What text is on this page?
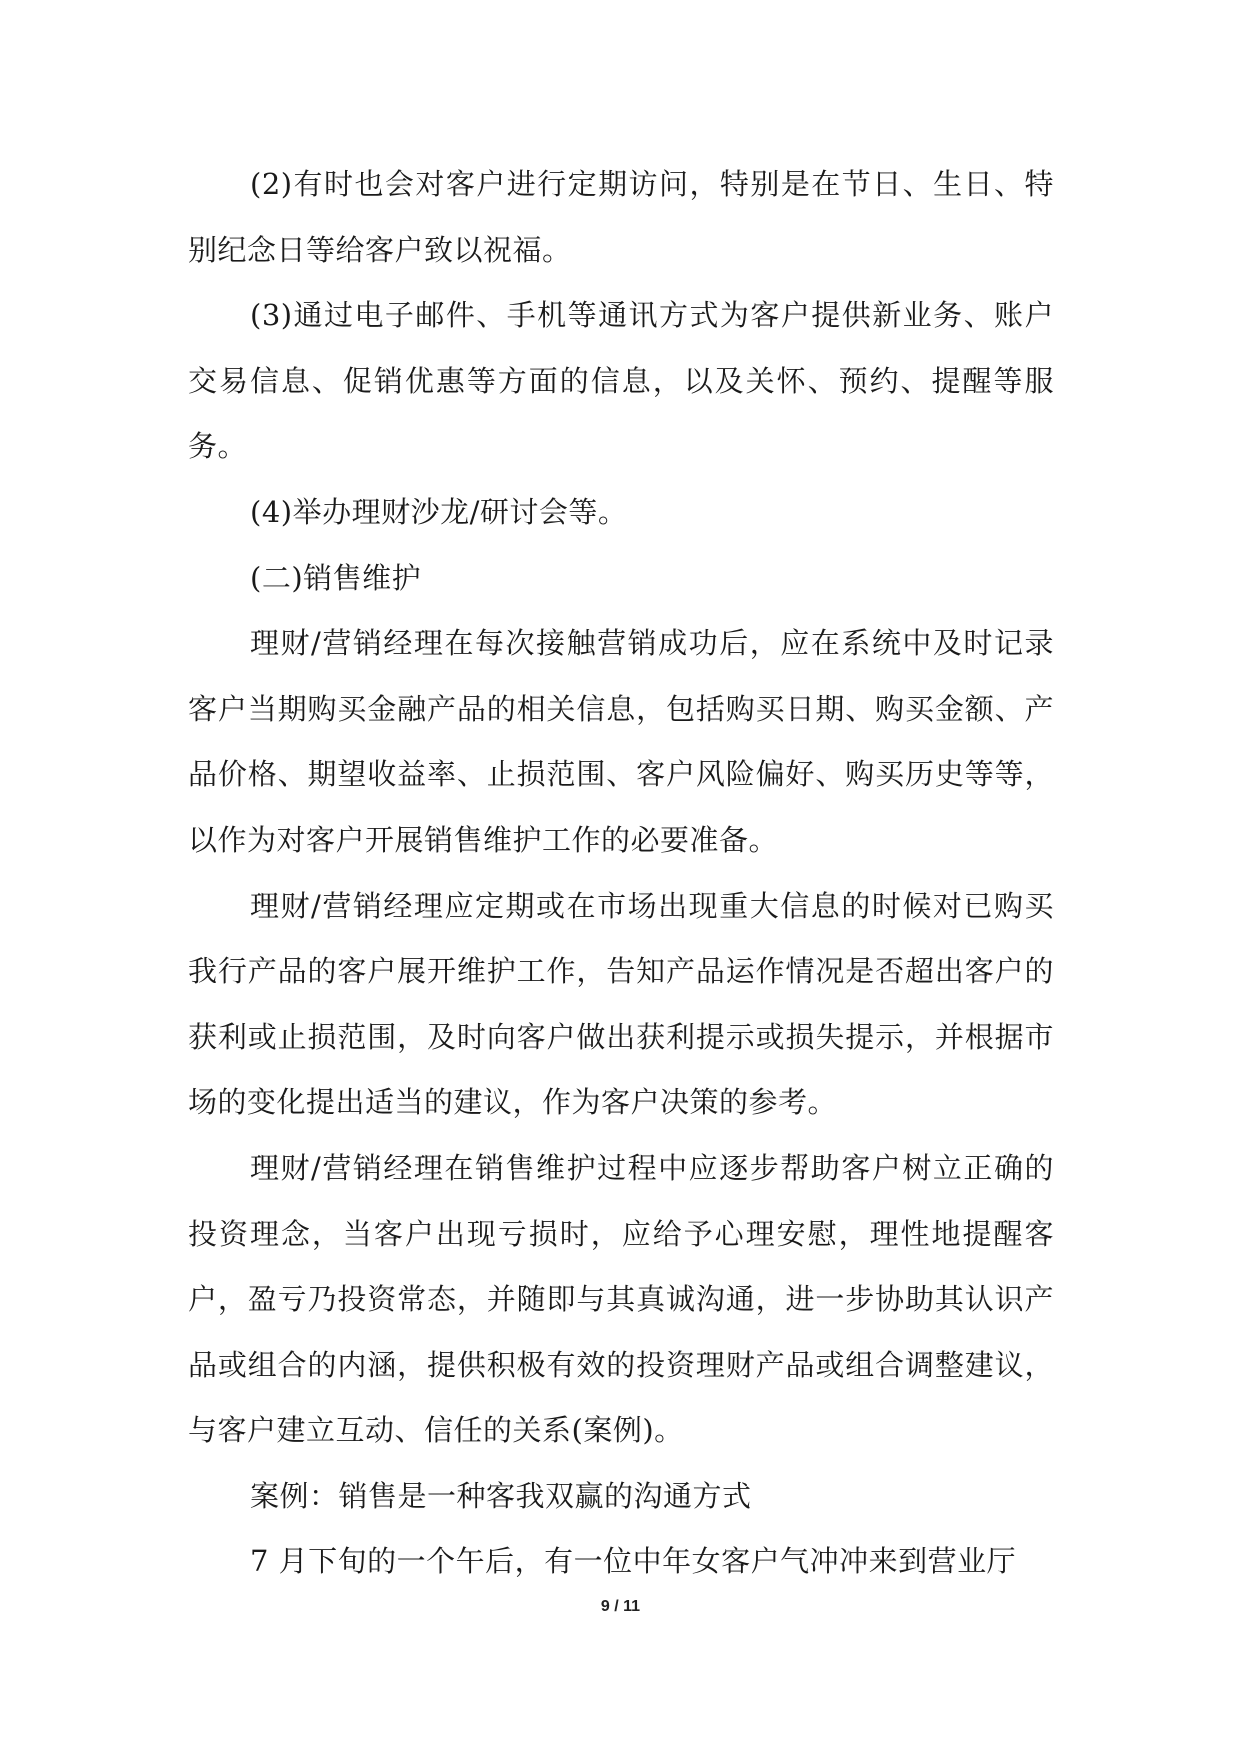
(2)有时也会对客户进行定期访问，特别是在节日、生日、特别纪念日等给客户致以祝福。

(3)通过电子邮件、手机等通讯方式为客户提供新业务、账户交易信息、促销优惠等方面的信息，以及关怀、预约、提醒等服务。

(4)举办理财沙龙/研讨会等。

(二)销售维护

理财/营销经理在每次接触营销成功后，应在系统中及时记录客户当期购买金融产品的相关信息，包括购买日期、购买金额、产品价格、期望收益率、止损范围、客户风险偏好、购买历史等等，以作为对客户开展销售维护工作的必要准备。

理财/营销经理应定期或在市场出现重大信息的时候对已购买我行产品的客户展开维护工作，告知产品运作情况是否超出客户的获利或止损范围，及时向客户做出获利提示或损失提示，并根据市场的变化提出适当的建议，作为客户决策的参考。

理财/营销经理在销售维护过程中应逐步帮助客户树立正确的投资理念，当客户出现亏损时，应给予心理安慰，理性地提醒客户，盈亏乃投资常态，并随即与其真诚沟通，进一步协助其认识产品或组合的内涵，提供积极有效的投资理财产品或组合调整建议，与客户建立互动、信任的关系(案例)。

案例：销售是一种客我双赢的沟通方式

7 月下旬的一个午后，有一位中年女客户气冲冲来到营业厅

9 / 11
